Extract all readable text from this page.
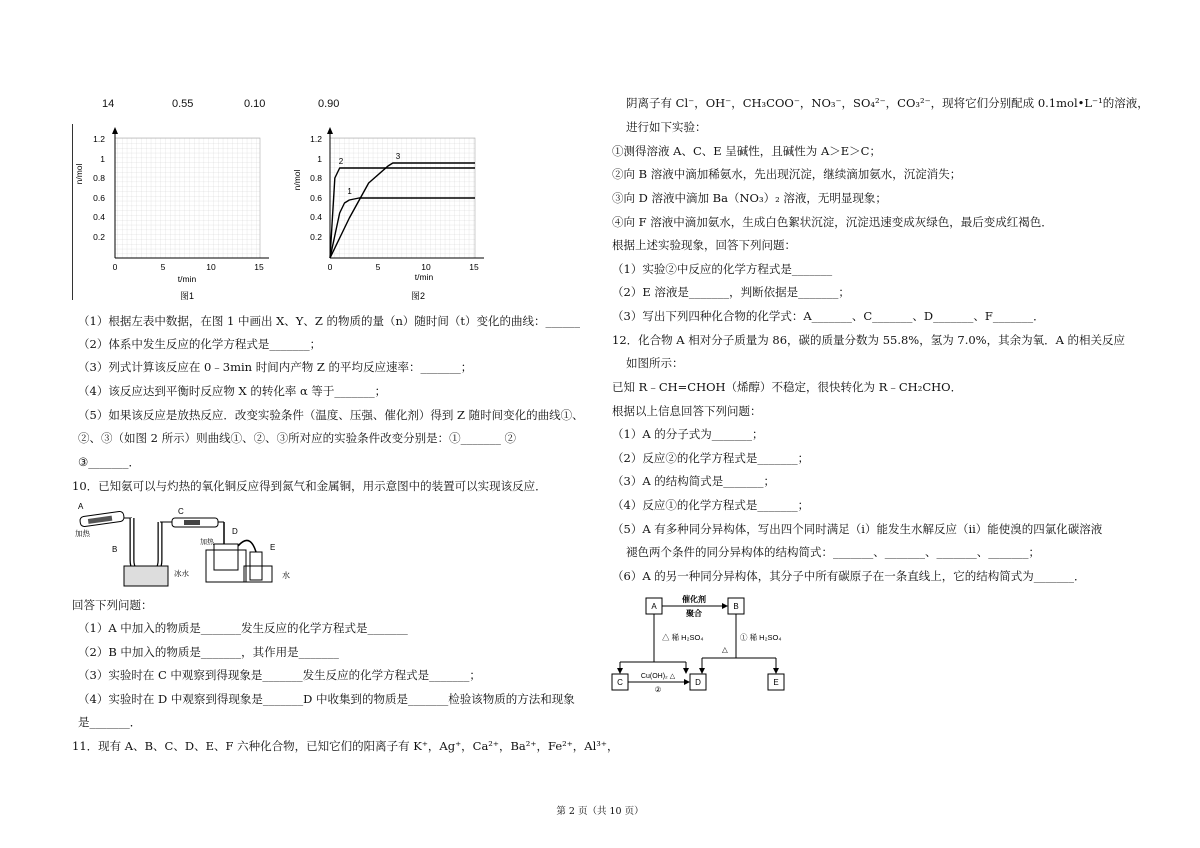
14	0.55	0.10	0.90
1.2
1
0.8
0.6
0.4
0.2
0	5	10	15
n/mol
t/min
图1
1.2
1
0.8
0.6
0.4
0.2
0	5	10	15
n/mol
t/min
图2
1
2
3
（1）根据左表中数据，在图 1 中画出 X、Y、Z 的物质的量（n）随时间（t）变化的曲线：______
（2）体系中发生反应的化学方程式是_______；
（3）列式计算该反应在 0﹣3min 时间内产物 Z 的平均反应速率：_______；
（4）该反应达到平衡时反应物 X 的转化率 α 等于_______；
（5）如果该反应是放热反应．改变实验条件（温度、压强、催化剂）得到 Z 随时间变化的曲线①、
②、③（如图 2 所示）则曲线①、②、③所对应的实验条件改变分别是：①_______ ②
③_______．
10．已知氨可以与灼热的氧化铜反应得到氮气和金属铜，用示意图中的装置可以实现该反应．
A
加热
B
C
加热
D
冰水
E
水
回答下列问题：
（1）A 中加入的物质是_______发生反应的化学方程式是_______
（2）B 中加入的物质是_______，其作用是_______
（3）实验时在 C 中观察到得现象是_______发生反应的化学方程式是_______；
（4）实验时在 D 中观察到得现象是_______D 中收集到的物质是_______检验该物质的方法和现象
是_______．
11．现有 A、B、C、D、E、F 六种化合物，已知它们的阳离子有 K⁺，Ag⁺，Ca²⁺，Ba²⁺，Fe²⁺，Al³⁺，
阴离子有 Cl⁻，OH⁻，CH₃COO⁻，NO₃⁻，SO₄²⁻，CO₃²⁻，现将它们分别配成 0.1mol•L⁻¹的溶液，
进行如下实验：
①测得溶液 A、C、E 呈碱性，且碱性为 A＞E＞C；
②向 B 溶液中滴加稀氨水，先出现沉淀，继续滴加氨水，沉淀消失；
③向 D 溶液中滴加 Ba（NO₃）₂ 溶液，无明显现象；
④向 F 溶液中滴加氨水，生成白色絮状沉淀，沉淀迅速变成灰绿色，最后变成红褐色．
根据上述实验现象，回答下列问题：
（1）实验②中反应的化学方程式是_______
（2）E 溶液是_______，判断依据是_______；
（3）写出下列四种化合物的化学式：A_______、C_______、D_______、F_______．
12．化合物 A 相对分子质量为 86，碳的质量分数为 55.8%，氢为 7.0%，其余为氧．A 的相关反应
如图所示：
已知 R﹣CH=CHOH（烯醇）不稳定，很快转化为 R﹣CH₂CHO．
根据以上信息回答下列问题：
（1）A 的分子式为_______；
（2）反应②的化学方程式是_______；
（3）A 的结构简式是_______；
（4）反应①的化学方程式是_______；
（5）A 有多种同分异构体，写出四个同时满足（i）能发生水解反应（ii）能使溴的四氯化碳溶液
褪色两个条件的同分异构体的结构简式：_______、_______、_______、_______；
（6）A 的另一种同分异构体，其分子中所有碳原子在一条直线上，它的结构简式为_______．
A	B
催化剂
聚合
△ 稀 H₂SO₄	① 稀 H₂SO₄
△
C	D	E
Cu(OH)₂ △
②
第 2 页（共 10 页）
